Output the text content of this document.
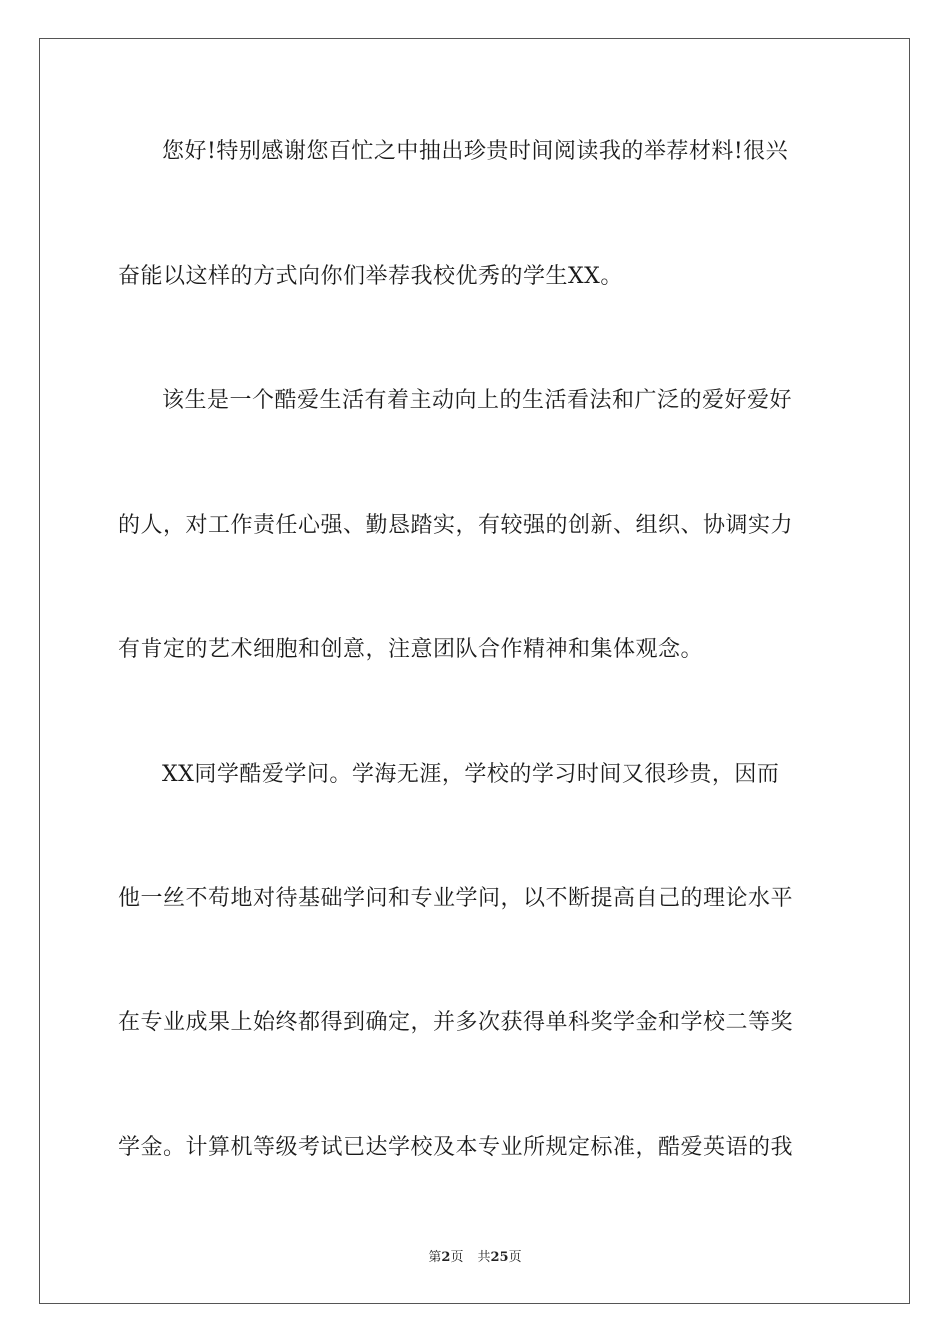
您好!特别感谢您百忙之中抽出珍贵时间阅读我的举荐材料!很兴
奋能以这样的方式向你们举荐我校优秀的学生XX。
该生是一个酷爱生活有着主动向上的生活看法和广泛的爱好爱好
的人，对工作责任心强、勤恳踏实，有较强的创新、组织、协调实力
有肯定的艺术细胞和创意，注意团队合作精神和集体观念。
XX同学酷爱学问。学海无涯，学校的学习时间又很珍贵，因而
他一丝不苟地对待基础学问和专业学问，以不断提高自己的理论水平
在专业成果上始终都得到确定，并多次获得单科奖学金和学校二等奖
学金。计算机等级考试已达学校及本专业所规定标准，酷爱英语的我
第2页 共25页
